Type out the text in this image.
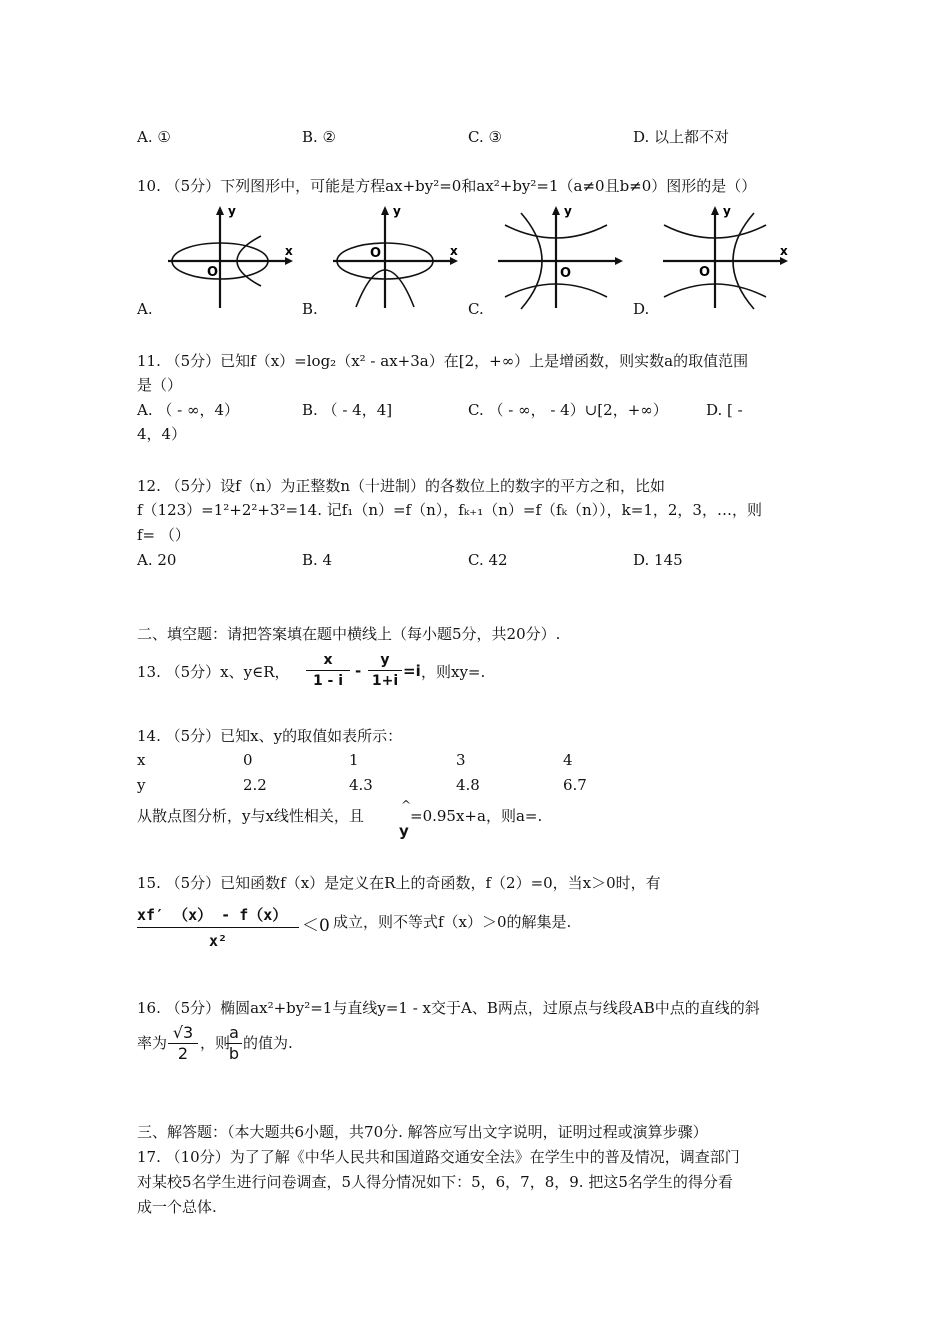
A. ①	B. ②	C. ③	D. 以上都不对
10. （5分）下列图形中，可能是方程ax+by²=0和ax²+by²=1（a≠0且b≠0）图形的是（）
y
x
O
y
x
O
y
O
y
x
O
A.	B.	C.	D.
11. （5分）已知f（x）=log₂（x² - ax+3a）在[2，+∞）上是增函数，则实数a的取值范围
是（）
A. （ - ∞，4）	B. （ - 4，4]	C. （ - ∞， - 4）∪[2，+∞）	D. [ -
4，4）
12. （5分）设f（n）为正整数n（十进制）的各数位上的数字的平方之和，比如
f（123）=1²+2²+3²=14. 记f₁（n）=f（n），fₖ₊₁（n）=f（fₖ（n）），k=1，2，3，…，则
f= （）
A. 20	B. 4	C. 42	D. 145
二、填空题：请把答案填在题中横线上（每小题5分，共20分）.
13. （5分）x、y∈R， $\frac{x}{1 - i} - \frac{y}{1+i} =i$ ，则xy=.
14. （5分）已知x、y的取值如表所示：
x	0	1	3	4
y	2.2	4.3	4.8	6.7
从散点图分析，y与x线性相关，且
^
y
=0.95x+a，则a=.
15. （5分）已知函数f（x）是定义在R上的奇函数，f（2）=0，当x＞0时，有
$\frac{xf' (x) - f(x)}{\text{x²}} <0$ 成立，则不等式f（x）＞0的解集是.
16. （5分）椭圆ax²+by²=1与直线y=1 - x交于A、B两点，过原点与线段AB中点的直线的斜
率为 $\frac{√3}{2}$ ，则
$\frac{a}{b}$ 的值为.
三、解答题：（本大题共6小题，共70分. 解答应写出文字说明，证明过程或演算步骤）
17. （10分）为了了解《中华人民共和国道路交通安全法》在学生中的普及情况，调查部门
对某校5名学生进行问卷调查，5人得分情况如下：5，6，7，8，9. 把这5名学生的得分看
成一个总体.
